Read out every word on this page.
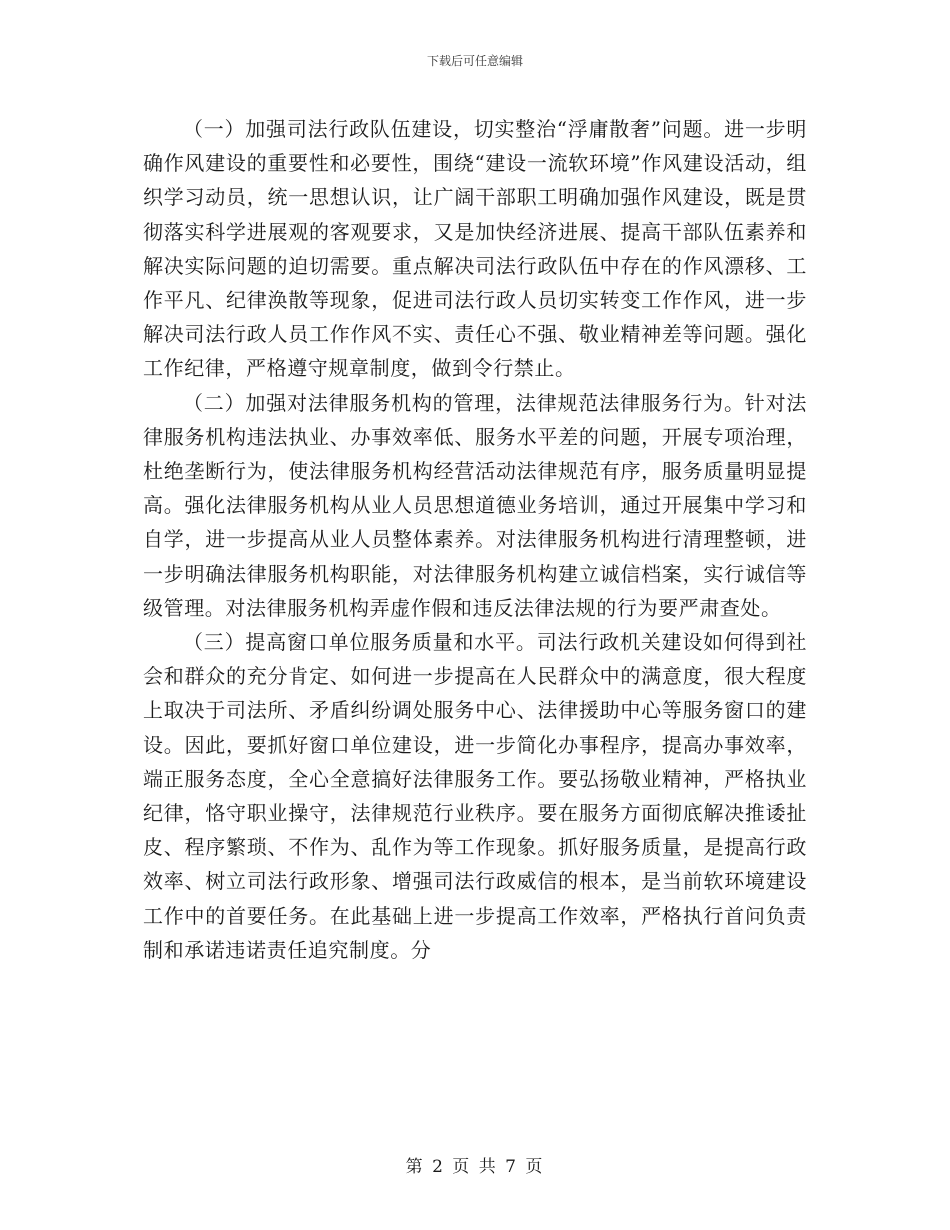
下载后可任意编辑

（一）加强司法行政队伍建设，切实整治“浮庸散奢”问题。进一步明确作风建设的重要性和必要性，围绕“建设一流软环境”作风建设活动，组织学习动员，统一思想认识，让广阔干部职工明确加强作风建设，既是贯彻落实科学进展观的客观要求，又是加快经济进展、提高干部队伍素养和解决实际问题的迫切需要。重点解决司法行政队伍中存在的作风漂移、工作平凡、纪律涣散等现象，促进司法行政人员切实转变工作作风，进一步解决司法行政人员工作作风不实、责任心不强、敬业精神差等问题。强化工作纪律，严格遵守规章制度，做到令行禁止。

（二）加强对法律服务机构的管理，法律规范法律服务行为。针对法律服务机构违法执业、办事效率低、服务水平差的问题，开展专项治理，杜绝垄断行为，使法律服务机构经营活动法律规范有序，服务质量明显提高。强化法律服务机构从业人员思想道德业务培训，通过开展集中学习和自学，进一步提高从业人员整体素养。对法律服务机构进行清理整顿，进一步明确法律服务机构职能，对法律服务机构建立诚信档案，实行诚信等级管理。对法律服务机构弄虚作假和违反法律法规的行为要严肃查处。

（三）提高窗口单位服务质量和水平。司法行政机关建设如何得到社会和群众的充分肯定、如何进一步提高在人民群众中的满意度，很大程度上取决于司法所、矛盾纠纷调处服务中心、法律援助中心等服务窗口的建设。因此，要抓好窗口单位建设，进一步简化办事程序，提高办事效率，端正服务态度，全心全意搞好法律服务工作。要弘扬敬业精神，严格执业纪律，恪守职业操守，法律规范行业秩序。要在服务方面彻底解决推诿扯皮、程序繁琐、不作为、乱作为等工作现象。抓好服务质量，是提高行政效率、树立司法行政形象、增强司法行政威信的根本，是当前软环境建设工作中的首要任务。在此基础上进一步提高工作效率，严格执行首问负责制和承诺违诺责任追究制度。分

第 2 页 共 7 页
